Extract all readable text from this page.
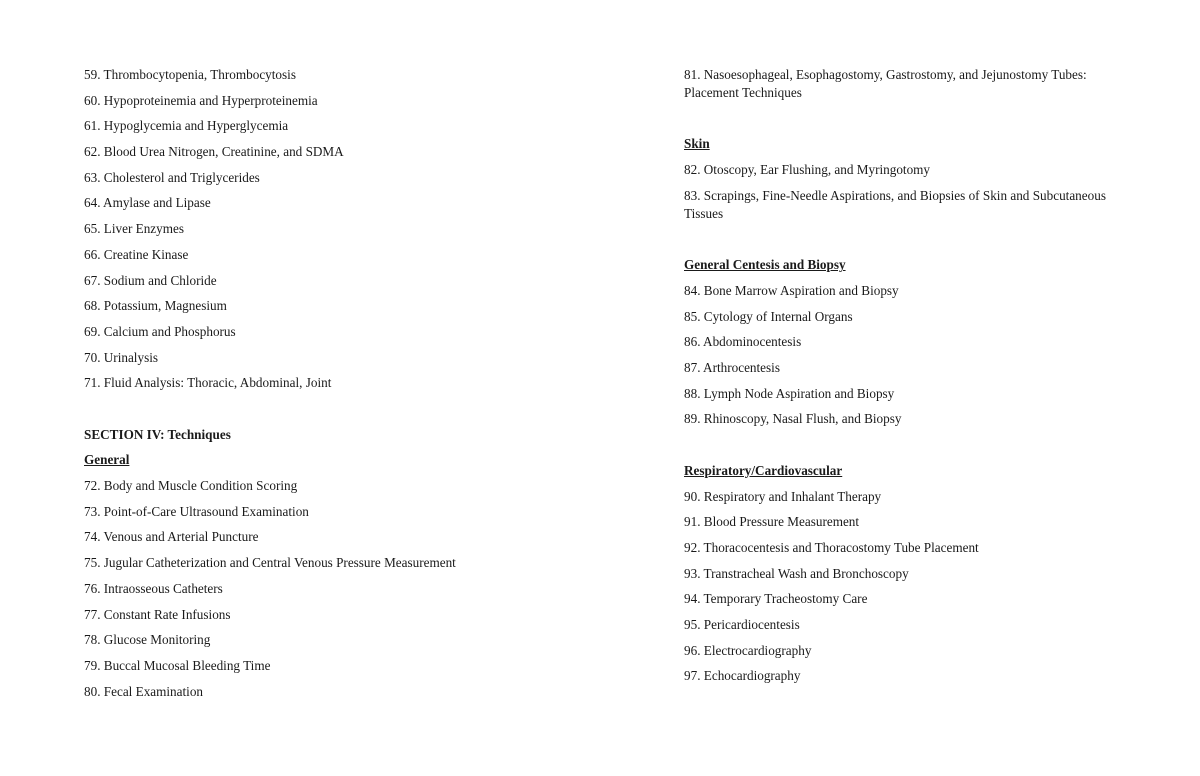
59. Thrombocytopenia, Thrombocytosis

60. Hypoproteinemia and Hyperproteinemia

61. Hypoglycemia and Hyperglycemia

62. Blood Urea Nitrogen, Creatinine, and SDMA

63. Cholesterol and Triglycerides

64. Amylase and Lipase

65. Liver Enzymes

66. Creatine Kinase

67. Sodium and Chloride

68. Potassium, Magnesium

69. Calcium and Phosphorus

70. Urinalysis

71. Fluid Analysis: Thoracic, Abdominal, Joint

SECTION IV: Techniques

General

72. Body and Muscle Condition Scoring

73. Point-of-Care Ultrasound Examination

74. Venous and Arterial Puncture

75. Jugular Catheterization and Central Venous Pressure Measurement

76. Intraosseous Catheters

77. Constant Rate Infusions

78. Glucose Monitoring

79. Buccal Mucosal Bleeding Time

80. Fecal Examination

81. Nasoesophageal, Esophagostomy, Gastrostomy, and Jejunostomy Tubes: Placement Techniques

Skin

82. Otoscopy, Ear Flushing, and Myringotomy

83. Scrapings, Fine-Needle Aspirations, and Biopsies of Skin and Subcutaneous Tissues

General Centesis and Biopsy

84. Bone Marrow Aspiration and Biopsy

85. Cytology of Internal Organs

86. Abdominocentesis

87. Arthrocentesis

88. Lymph Node Aspiration and Biopsy

89. Rhinoscopy, Nasal Flush, and Biopsy

Respiratory/Cardiovascular

90. Respiratory and Inhalant Therapy

91. Blood Pressure Measurement

92. Thoracocentesis and Thoracostomy Tube Placement

93. Transtracheal Wash and Bronchoscopy

94. Temporary Tracheostomy Care

95. Pericardiocentesis

96. Electrocardiography

97. Echocardiography
